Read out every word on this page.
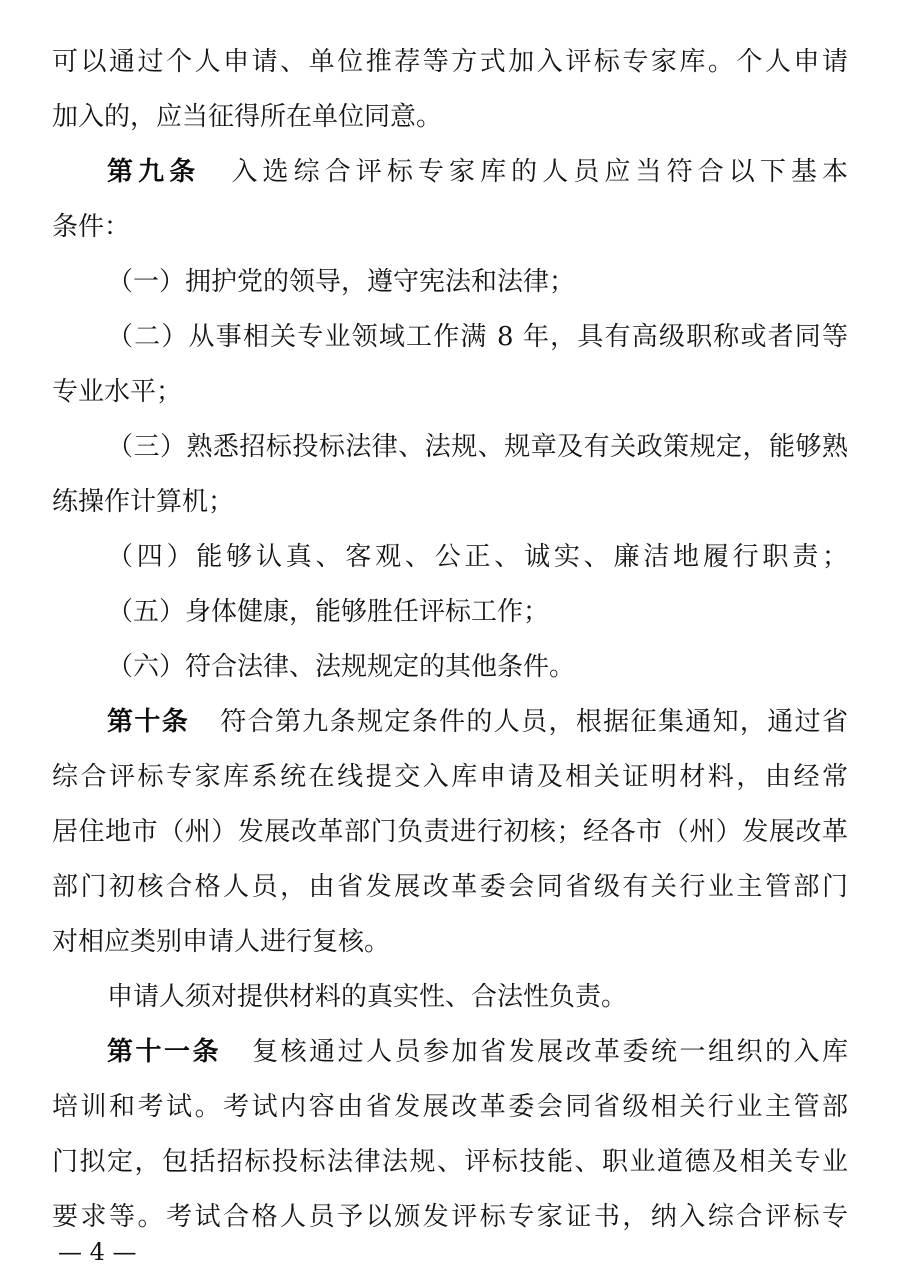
可以通过个人申请、单位推荐等方式加入评标专家库。个人申请
加入的，应当征得所在单位同意。
第九条 入选综合评标专家库的人员应当符合以下基本
条件：
（一）拥护党的领导，遵守宪法和法律；
（二）从事相关专业领域工作满 8 年，具有高级职称或者同等
专业水平；
（三）熟悉招标投标法律、法规、规章及有关政策规定，能够熟
练操作计算机；
（四）能够认真、客观、公正、诚实、廉洁地履行职责；
（五）身体健康，能够胜任评标工作；
（六）符合法律、法规规定的其他条件。
第十条 符合第九条规定条件的人员，根据征集通知，通过省
综合评标专家库系统在线提交入库申请及相关证明材料，由经常
居住地市（州）发展改革部门负责进行初核；经各市（州）发展改革
部门初核合格人员，由省发展改革委会同省级有关行业主管部门
对相应类别申请人进行复核。
申请人须对提供材料的真实性、合法性负责。
第十一条 复核通过人员参加省发展改革委统一组织的入库
培训和考试。考试内容由省发展改革委会同省级相关行业主管部
门拟定，包括招标投标法律法规、评标技能、职业道德及相关专业
要求等。考试合格人员予以颁发评标专家证书，纳入综合评标专
— 4 —
